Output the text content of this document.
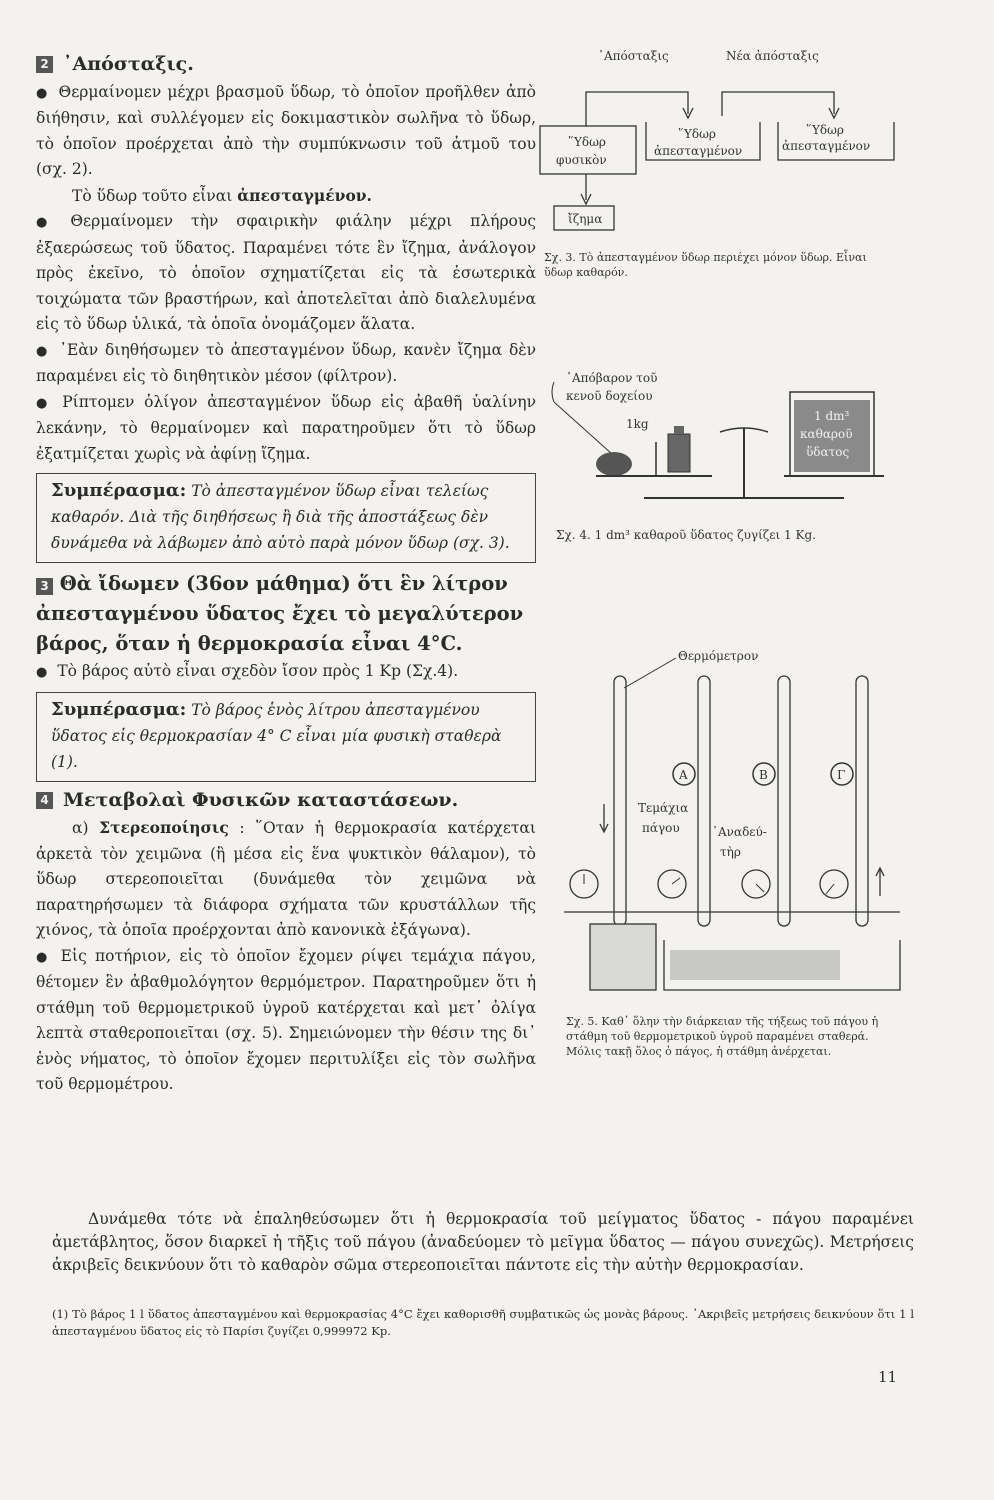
2 ᾿Απόσταξις.

● Θερμαίνομεν μέχρι βρασμοῦ ὕδωρ, τὸ ὁποῖον προῆλθεν ἀπὸ διήθησιν, καὶ συλλέγομεν εἰς δοκιμαστικὸν σωλῆνα τὸ ὕδωρ, τὸ ὁποῖον προέρχεται ἀπὸ τὴν συμπύκνωσιν τοῦ ἀτμοῦ του (σχ. 2).

Τὸ ὕδωρ τοῦτο εἶναι ἀπεσταγμένον.

● Θερμαίνομεν τὴν σφαιρικὴν φιάλην μέχρι πλήρους ἐξαερώσεως τοῦ ὕδατος. Παραμένει τότε ἓν ἴζημα, ἀνάλογον πρὸς ἐκεῖνο, τὸ ὁποῖον σχηματίζεται εἰς τὰ ἐσωτερικὰ τοιχώματα τῶν βραστήρων, καὶ ἀποτελεῖται ἀπὸ διαλελυμένα εἰς τὸ ὕδωρ ὑλικά, τὰ ὁποῖα ὀνομάζομεν ἅλατα.

● ᾿Εὰν διηθήσωμεν τὸ ἀπεσταγμένον ὕδωρ, κανὲν ἴζημα δὲν παραμένει εἰς τὸ διηθητικὸν μέσον (φίλτρον).

● Ρίπτομεν ὀλίγον ἀπεσταγμένον ὕδωρ εἰς ἀβαθῆ ὑαλίνην λεκάνην, τὸ θερμαίνομεν καὶ παρατηροῦμεν ὅτι τὸ ὕδωρ ἐξατμίζεται χωρὶς νὰ ἀφίνῃ ἴζημα.

Συμπέρασμα: Τὸ ἀπεσταγμένον ὕδωρ εἶναι τελείως καθαρόν. Διὰ τῆς διηθήσεως ἢ διὰ τῆς ἀποστάξεως δὲν δυνάμεθα νὰ λάβωμεν ἀπὸ αὐτὸ παρὰ μόνον ὕδωρ (σχ. 3).
3 Θὰ ἴδωμεν (36ον μάθημα) ὅτι ἓν λίτρον ἀπεσταγμένου ὕδατος ἔχει τὸ μεγαλύτερον βάρος, ὅταν ἡ θερμοκρασία εἶναι 4°C.

● Τὸ βάρος αὐτὸ εἶναι σχεδὸν ἴσον πρὸς 1 Kp (Σχ.4).

Συμπέρασμα: Τὸ βάρος ἑνὸς λίτρου ἀπεσταγμένου ὕδατος εἰς θερμοκρασίαν 4° C εἶναι μία φυσικὴ σταθερὰ (1).
4 Μεταβολαὶ Φυσικῶν καταστάσεων.

α) Στερεοποίησις : ῞Οταν ἡ θερμοκρασία κατέρχεται ἀρκετὰ τὸν χειμῶνα (ἢ μέσα εἰς ἕνα ψυκτικὸν θάλαμον), τὸ ὕδωρ στερεοποιεῖται (δυνάμεθα τὸν χειμῶνα νὰ παρατηρήσωμεν τὰ διάφορα σχήματα τῶν κρυστάλλων τῆς χιόνος, τὰ ὁποῖα προέρχονται ἀπὸ κανονικὰ ἑξάγωνα).

● Εἰς ποτήριον, εἰς τὸ ὁποῖον ἔχομεν ρίψει τεμάχια πάγου, θέτομεν ἓν ἀβαθμολόγητον θερμόμετρον. Παρατηροῦμεν ὅτι ἡ στάθμη τοῦ θερμομετρικοῦ ὑγροῦ κατέρχεται καὶ μετ᾿ ὀλίγα λεπτὰ σταθεροποιεῖται (σχ. 5). Σημειώνομεν τὴν θέσιν της δι᾿ ἑνὸς νήματος, τὸ ὁποῖον ἔχομεν περιτυλίξει εἰς τὸν σωλῆνα τοῦ θερμομέτρου.

Δυνάμεθα τότε νὰ ἐπαληθεύσωμεν ὅτι ἡ θερμοκρασία τοῦ μείγματος ὕδατος - πάγου παραμένει ἀμετάβλητος, ὅσον διαρκεῖ ἡ τῆξις τοῦ πάγου (ἀναδεύομεν τὸ μεῖγμα ὕδατος — πάγου συνεχῶς). Μετρήσεις ἀκριβεῖς δεικνύουν ὅτι τὸ καθαρὸν σῶμα στερεοποιεῖται πάντοτε εἰς τὴν αὐτὴν θερμοκρασίαν.

(1) Τὸ βάρος 1 l ὕδατος ἀπεσταγμένου καὶ θερμοκρασίας 4°C ἔχει καθορισθῆ συμβατικῶς ὡς μονὰς βάρους. ᾿Ακριβεῖς μετρήσεις δεικνύουν ὅτι 1 l ἀπεσταγμένου ὕδατος εἰς τὸ Παρίσι ζυγίζει 0,999972 Kp.
11
᾿Απόσταξις	Νέα ἀπόσταξις
῞Υδωρ
φυσικὸν
῞Υδωρ
ἀπεσταγμένον
῞Υδωρ
ἀπεσταγμένον
ἴζημα
Σχ. 3. Τὸ ἀπεσταγμένον ὕδωρ περιέχει μόνον ὕδωρ. Εἶναι ὕδωρ καθαρόν.
᾿Απόβαρον τοῦ
κενοῦ δοχείου
1kg
1 dm³
καθαροῦ
ὕδατος
Σχ. 4. 1 dm³ καθαροῦ ὕδατος ζυγίζει 1 Kg.
Θερμόμετρον
A	B	Γ
Τεμάχια
πάγου	᾿Αναδεύ-
τὴρ
Σχ. 5. Καθ᾿ ὅλην τὴν διάρκειαν τῆς τήξεως τοῦ πάγου ἡ στάθμη τοῦ θερμομετρικοῦ ὑγροῦ παραμένει σταθερά. Μόλις τακῇ ὅλος ὁ πάγος, ἡ στάθμη ἀνέρχεται.
